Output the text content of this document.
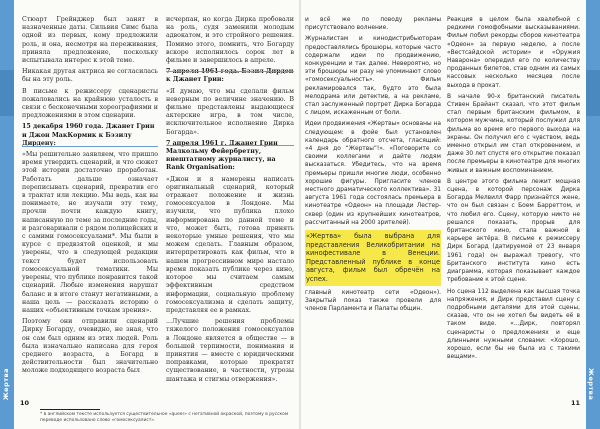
Жертва
10

Стюарт Грейнджер был занят в назначенные даты. Сильвия Симс была одной из первых, кому предложили роль, и она, несмотря на переживания, приняла предложение, поскольку испытывала интерес к этой теме.

Никакая другая актриса не согласилась бы на эту роль.

В письме к режиссеру сценаристы пожаловались на крайнюю усталость в связи с бесконечными хореографиями и предложениями в этом сценарии.

15 декабря 1960 года. Джанет Грин и Джон МакКормик к Бэзилу Дирдену:

«Мы решительно заявляем, что пришло время утвердить сценарий, и что сюжет этой истории достаточно проработан. Работать дальше означает переписывать сценарий, превратив его в трактат или лекцию. Мы ведь, как вы понимаете, не изучали эту тему, прочли почти каждую книгу, написанную по теме за последние годы, и разговаривали с рядом полицейских и с самими гомосексуалами*. Мы были в курсе с предвзятой оценкой, и мы уверены, что в следующей редакции текст будет использовать гомосексуальной тематики. Мы уверены, что публике понравится такой сценарий. Любые изменения нарушат баланс и в итоге станут негативными, а наша цель — рассказать историю о наших «объективным точкам зрения».

Поэтому они отправили сценарий Дирку Богарду, очевидно, не зная, что он сам был одним из этих людей. Роль была изначально написана для героя среднего возраста, а Богард в действительности был значительно моложе подходящего возраста был

исчерпан, но когда Дирка пробовали на роль, судя заменили молодым адвокатом, и это стройного решения. Помимо этого, помнить, что Богарду вскоре исполнилось сорок лет в фильме и завершилось в апреле.

7 апреля 1961 года. Бэзил Дирден к Джанет Грин:

«Я думаю, что мы сделали фильм неверным по величине значению. В фильме представлены выдающиеся актерские игра, в том числе, исключительное исполнение Дирка Богарда».

7 апреля 1961 г. Джанет Грин Малкольму Фейербретну, внештатному журналисту, на Rank Organisation:

«Джон и я намерены написать оригинальный сценарий, который отражает положение и жизнь гомосексуалов в Лондоне. Мы изучили, что публика плохо информирована по данной теме и что, может быть, готова принять некоторые умные решения, что мы можем сделать. Главным образом, интерпретировать как фильм, что в нашем прогрессивном мире настало время показать публике через кино, которое мы считаем самым эффективным средством информации, социальную проблему гомосексуализма и сделать защиту, представляя ее в рамках.

...Лучшие решения проблемы тяжелого положения гомосексуалов в Лондоне является в обществе — в большей терпимости, понимания и принятия — вместе с юридическими поправками, которые прекратят существование, в частности, угрозы шантажа и стигмы отвержения».

* в английском тексте используется существительное «queer» с негативной окраской, поэтому в русском переводе использовано слово «гомосексуалист».

и всё же по поводу рекламы присутствовало волнение.

Журналистам и кинодистрибьюторам предоставлялись брошюры, которые часто содержали идеи по продвижению, конкуренции и так далее. Невероятно, но эти брошюры ни разу не упоминают слово «гомосексуальность». Фильм рекламировался так, будто это была мелодрама или детектив, а на рекламе, стал заслуженный портрет Дирка Богарда с лицом, искаженным от боли.

Идеи продвижения «Жертвы» основаны на следующем: в фойе был установлен календарь обратного отсчета, гласящий: «4 дня до “Жертвы”!». «Поговорите со своими коллегами и дайте людям высказаться. Убедитесь, что на время премьеры пришли многие люди, особенно хорошие фигуры. Пригласите членов местного драматического коллектива». 31 августа 1961 года состоялась премьера в кинотеатре «Одеон» на площади Лестер-сквер (один из крупнейших кинотеатров, рассчитанный на 2000 зрителей).

«Жертва» была выбрана для представления Великобритании на кинофестивале в Венеции. Представленный публике в конце августа, фильм был обречён на успех.

главный кинотеатр сети «Одеон»). Закрытый показ также провели для членов Парламента и Палаты общин.

Реакция в целом была хвалебной с редкими гомофобными высказываниями. Фильм побил рекорды сборов кинотеатра «Одеон» за первую неделю, а после «Вестсайдской истории» и «Оружия Наварона» опередил его по количеству проданных билетов, став одним из самых кассовых несколько месяцев после выхода в прокат.

В начале 90-х британский писатель Стивен Брайант сказал, что этот фильм стал первым британским фильмом, в котором мужчина, который послужил для фильма во время его первого выхода на экраны. Он получил его с чувством, ведь именно открыл им стал откровением, и даже 30 лет спустя его открытие показал после премьеры в кинотеатре для многих живых и важным воспоминанием.

В центре этого фильма лежит мощная сцена, в которой персонаж Дирка Богарда Мелвилл Фарр признаётся жене, что он был связан с Боем Барреттом, и что любил его. Сцену, которую никто не решался показать, прорыв для британского кино, стала важной в карьере актёра. В письме к режиссеру Дирк Богард (датируемой от 23 января 1961 года) он выражал тревогу, что Британского института кино есть диаграмма, которая показывает каждое требование к этой сцене.

Но сцена 112 выделена как высшая точка напряжения, и Дирк представил сцену с подробными деталями для этой сцены, сказав, что он не хотел бы видеть её в таком виде. «...Дирк, повторял сценаристы о предложениях и еще длинными нужными словами: «Хорошо, хорошо, если бы не была из с такими вещами».

Жертва
11
